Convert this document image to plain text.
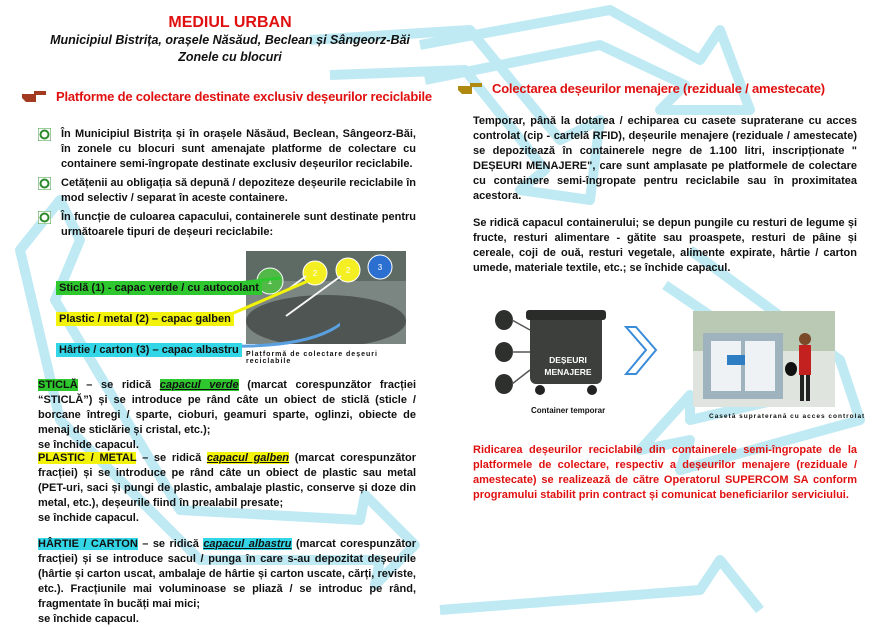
MEDIUL URBAN
Municipiul Bistrița, orașele Năsăud, Beclean și Sângeorz-Băi
Zonele cu blocuri
Platforme de colectare destinate exclusiv deșeurilor reciclabile
În Municipiul Bistrița și în orașele Năsăud, Beclean, Sângeorz-Băi, în zonele cu blocuri sunt amenajate platforme de colectare cu containere semi-îngropate destinate exclusiv deșeurilor reciclabile.
Cetățenii au obligația să depună / depoziteze deșeurile reciclabile în mod selectiv / separat în aceste containere.
În funcție de culoarea capacului, containerele sunt destinate pentru următoarele tipuri de deșeuri reciclabile:
1
2	2	3
Platformă de colectare deșeuri reciclabile
Sticlă (1) - capac verde / cu autocolant
Plastic / metal (2) – capac galben
Hârtie / carton (3) – capac albastru
STICLĂ – se ridică capacul verde (marcat corespunzător fracției “STICLĂ”) și se introduce pe rând câte un obiect de sticlă (sticle / borcane întregi / sparte, cioburi, geamuri sparte, oglinzi, obiecte de menaj de sticlărie și cristal, etc.);
se închide capacul.
PLASTIC / METAL – se ridică capacul galben (marcat corespunzător fracției) și se introduce pe rând câte un obiect de plastic sau metal (PET-uri, saci și pungi de plastic, ambalaje plastic, conserve și doze din metal, etc.), deșeurile fiind în prealabil presate;
se închide capacul.
HÂRTIE / CARTON – se ridică capacul albastru (marcat corespunzător fracției) și se introduce sacul / punga în care s-au depozitat deșeurile (hârtie și carton uscat, ambalaje de hârtie și carton uscate, cărți, reviste, etc.). Fracțiunile mai voluminoase se pliază / se introduc pe rând, fragmentate în bucăți mai mici;
se închide capacul.
Colectarea deșeurilor menajere (reziduale / amestecate)
Temporar, până la dotarea / echiparea cu casete supraterane cu acces controlat (cip - cartelă RFID), deșeurile menajere (reziduale / amestecate) se depozitează în containerele negre de 1.100 litri, inscripționate " DEȘEURI MENAJERE", care sunt amplasate pe platformele de colectare cu containere semi-îngropate pentru reciclabile sau în proximitatea acestora.
Se ridică capacul containerului; se depun pungile cu resturi de legume și fructe, resturi alimentare - gătite sau proaspete, resturi de pâine și cereale, coji de ouă, resturi vegetale, alimente expirate, hârtie / carton umede, materiale textile, etc.; se închide capacul.
DEȘEURI
MENAJERE
Container temporar
Casetă supraterană cu acces controlat
Ridicarea deșeurilor reciclabile din containerele semi-îngropate de la platformele de colectare, respectiv a deșeurilor menajere (reziduale / amestecate) se realizează de către Operatorul SUPERCOM SA conform programului stabilit prin contract și comunicat beneficiarilor serviciului.
